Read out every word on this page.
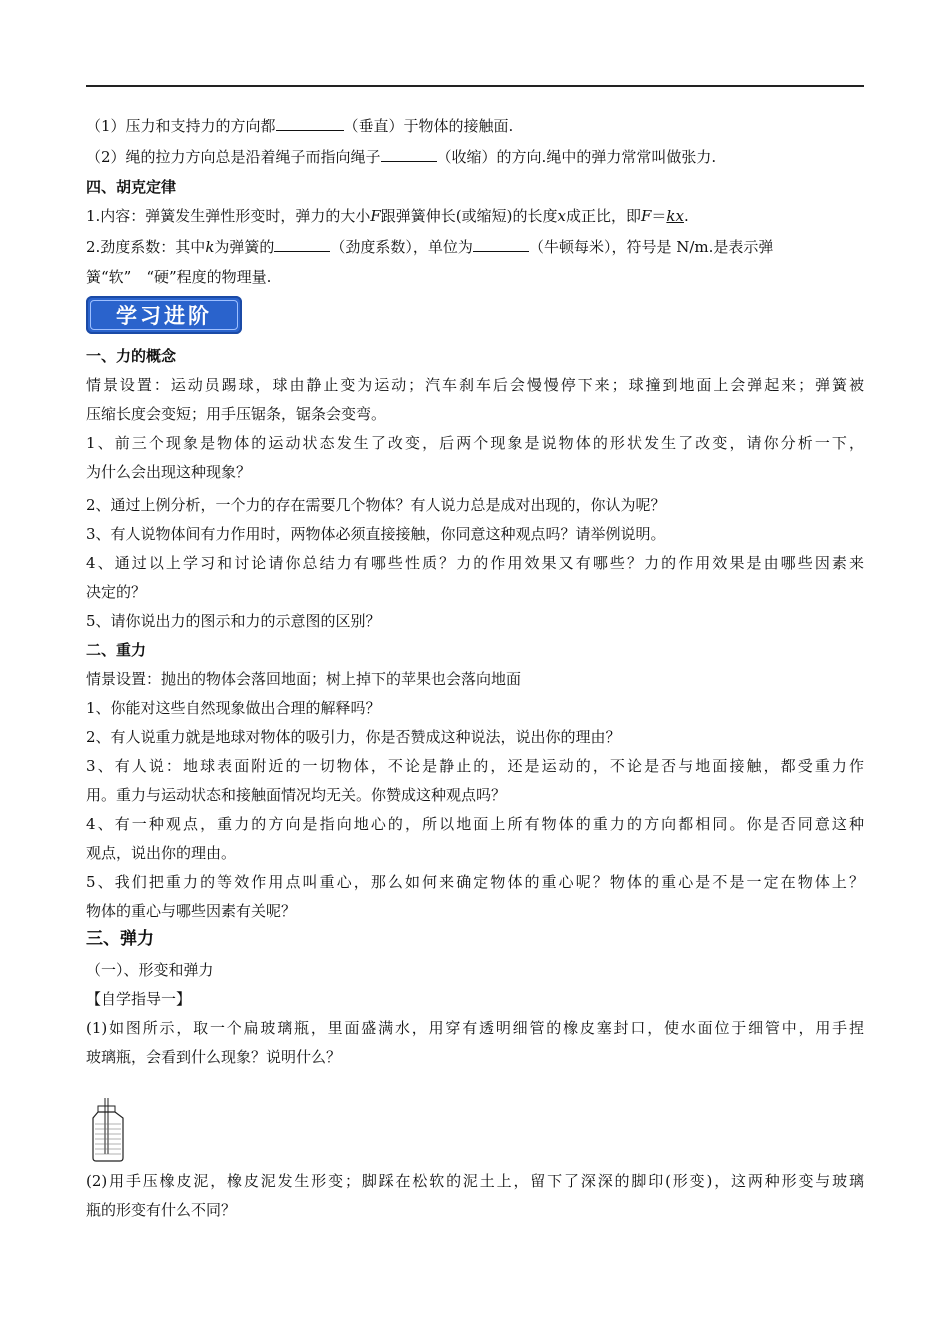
（1）压力和支持力的方向都	（垂直）于物体的接触面.
（2）绳的拉力方向总是沿着绳子而指向绳子	（收缩）的方向.绳中的弹力常常叫做张力.
四、胡克定律
1.内容：弹簧发生弹性形变时，弹力的大小F跟弹簧伸长(或缩短)的长度x成正比，即F＝kx.
2.劲度系数：其中k为弹簧的	（劲度系数），单位为	（牛顿每米），符号是 N/m.是表示弹
簧“软”　“硬”程度的物理量.
一、力的概念
情景设置：运动员踢球，球由静止变为运动；汽车刹车后会慢慢停下来；球撞到地面上会弹起来；弹簧被
压缩长度会变短；用手压锯条，锯条会变弯。
1、前三个现象是物体的运动状态发生了改变，后两个现象是说物体的形状发生了改变，请你分析一下，
为什么会出现这种现象？
2、通过上例分析，一个力的存在需要几个物体？有人说力总是成对出现的，你认为呢？
3、有人说物体间有力作用时，两物体必须直接接触，你同意这种观点吗？请举例说明。
4、通过以上学习和讨论请你总结力有哪些性质？力的作用效果又有哪些？力的作用效果是由哪些因素来
决定的？
5、请你说出力的图示和力的示意图的区别？
二、重力
情景设置：抛出的物体会落回地面；树上掉下的苹果也会落向地面
1、你能对这些自然现象做出合理的解释吗？
2、有人说重力就是地球对物体的吸引力，你是否赞成这种说法，说出你的理由？
3、有人说：地球表面附近的一切物体，不论是静止的，还是运动的，不论是否与地面接触，都受重力作
用。重力与运动状态和接触面情况均无关。你赞成这种观点吗？
4、有一种观点，重力的方向是指向地心的，所以地面上所有物体的重力的方向都相同。你是否同意这种
观点，说出你的理由。
5、我们把重力的等效作用点叫重心，那么如何来确定物体的重心呢？物体的重心是不是一定在物体上？
物体的重心与哪些因素有关呢？
三、弹力
（一）、形变和弹力
【自学指导一】
(1)如图所示，取一个扁玻璃瓶，里面盛满水，用穿有透明细管的橡皮塞封口，使水面位于细管中，用手捏
玻璃瓶，会看到什么现象？说明什么？
(2)用手压橡皮泥，橡皮泥发生形变；脚踩在松软的泥土上，留下了深深的脚印(形变)，这两种形变与玻璃
瓶的形变有什么不同？
学习进阶
